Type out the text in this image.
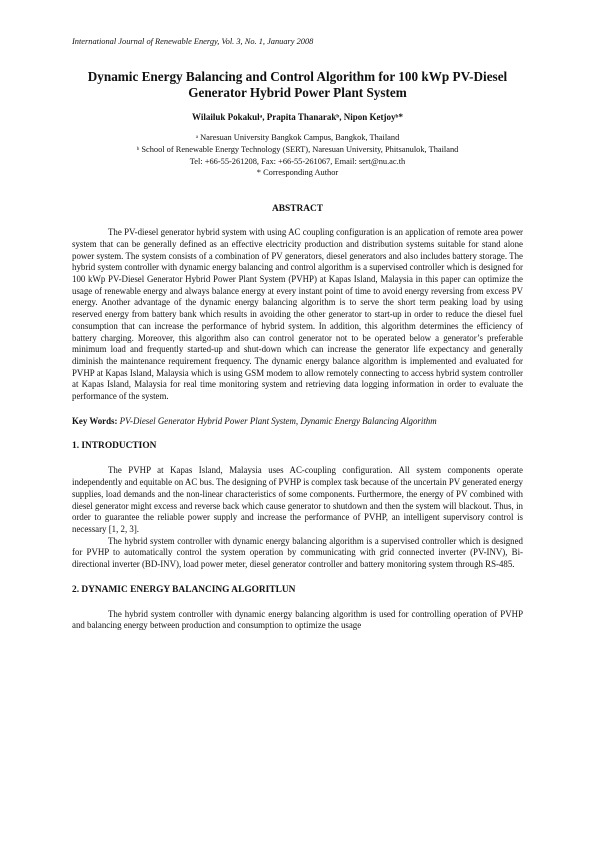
International Journal of Renewable Energy, Vol. 3, No. 1, January 2008

Dynamic Energy Balancing and Control Algorithm for 100 kWp PV-Diesel
Generator Hybrid Power Plant System

Wilailuk Pokakulᵃ, Prapita Thanarakᵇ, Nipon Ketjoyᵇ*

ᵃ Naresuan University Bangkok Campus, Bangkok, Thailand
ᵇ School of Renewable Energy Technology (SERT), Naresuan University, Phitsanulok, Thailand
Tel: +66-55-261208, Fax: +66-55-261067, Email: sert@nu.ac.th
* Corresponding Author

ABSTRACT

The PV-diesel generator hybrid system with using AC coupling configuration is an application of remote area power system that can be generally defined as an effective electricity production and distribution systems suitable for stand alone power system. The system consists of a combination of PV generators, diesel generators and also includes battery storage. The hybrid system controller with dynamic energy balancing and control algorithm is a supervised controller which is designed for 100 kWp PV-Diesel Generator Hybrid Power Plant System (PVHP) at Kapas Island, Malaysia in this paper can optimize the usage of renewable energy and always balance energy at every instant point of time to avoid energy reversing from excess PV energy. Another advantage of the dynamic energy balancing algorithm is to serve the short term peaking load by using reserved energy from battery bank which results in avoiding the other generator to start-up in order to reduce the diesel fuel consumption that can increase the performance of hybrid system. In addition, this algorithm determines the efficiency of battery charging. Moreover, this algorithm also can control generator not to be operated below a generator’s preferable minimum load and frequently started-up and shut-down which can increase the generator life expectancy and generally diminish the maintenance requirement frequency. The dynamic energy balance algorithm is implemented and evaluated for PVHP at Kapas Island, Malaysia which is using GSM modem to allow remotely connecting to access hybrid system controller at Kapas Island, Malaysia for real time monitoring system and retrieving data logging information in order to evaluate the performance of the system.

Key Words: PV-Diesel Generator Hybrid Power Plant System, Dynamic Energy Balancing Algorithm

1. INTRODUCTION

The PVHP at Kapas Island, Malaysia uses AC-coupling configuration. All system components operate independently and equitable on AC bus. The designing of PVHP is complex task because of the uncertain PV generated energy supplies, load demands and the non-linear characteristics of some components. Furthermore, the energy of PV combined with diesel generator might excess and reverse back which cause generator to shutdown and then the system will blackout. Thus, in order to guarantee the reliable power supply and increase the performance of PVHP, an intelligent supervisory control is necessary [1, 2, 3].

The hybrid system controller with dynamic energy balancing algorithm is a supervised controller which is designed for PVHP to automatically control the system operation by communicating with grid connected inverter (PV-INV), Bi-directional inverter (BD-INV), load power meter, diesel generator controller and battery monitoring system through RS-485.

2. DYNAMIC ENERGY BALANCING ALGORITLUN

The hybrid system controller with dynamic energy balancing algorithm is used for controlling operation of PVHP and balancing energy between production and consumption to optimize the usage
